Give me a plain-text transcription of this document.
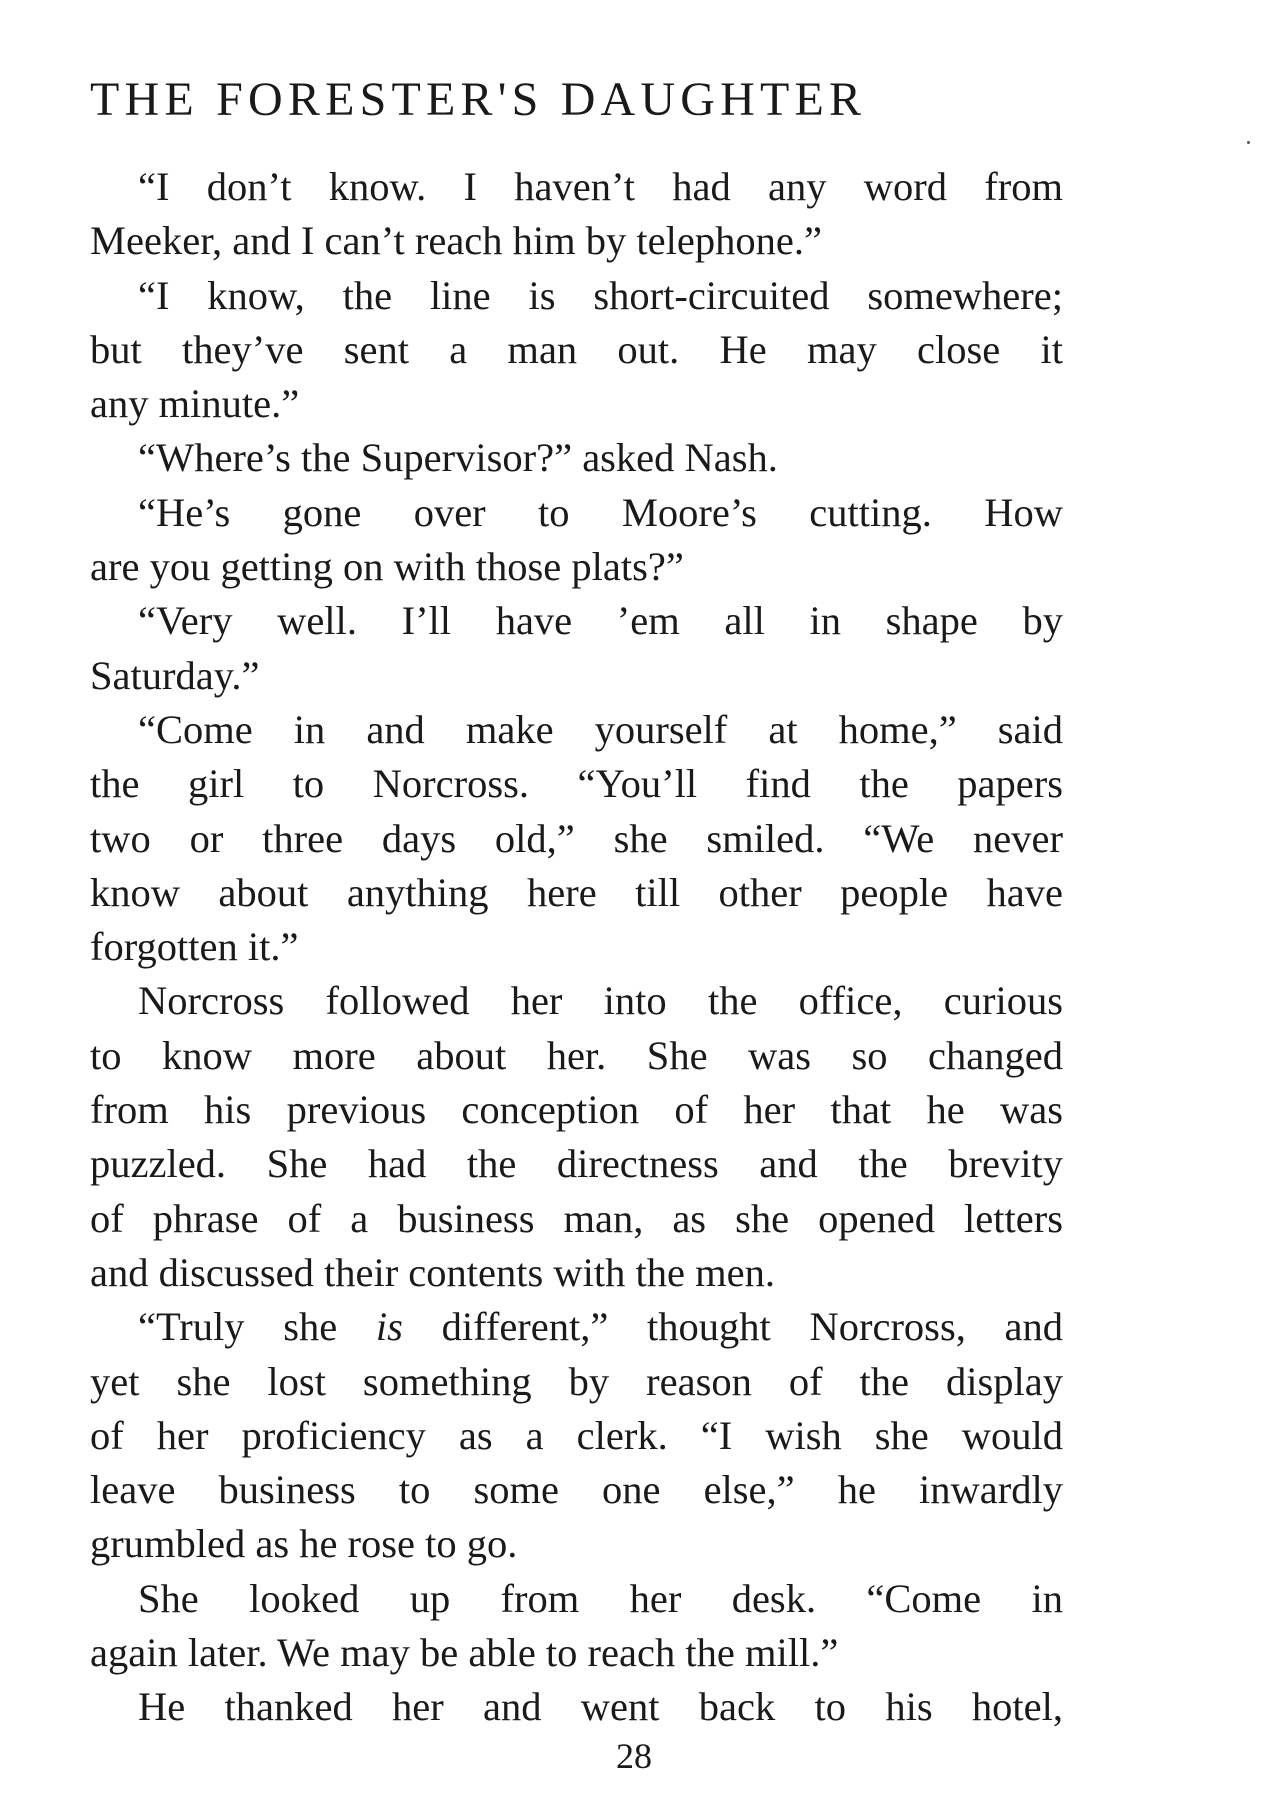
THE FORESTER'S DAUGHTER
“I don’t know. I haven’t had any word from
Meeker, and I can’t reach him by telephone.”
“I know, the line is short-circuited somewhere;
but they’ve sent a man out. He may close it
any minute.”
“Where’s the Supervisor?” asked Nash.
“He’s gone over to Moore’s cutting. How
are you getting on with those plats?”
“Very well. I’ll have ’em all in shape by
Saturday.”
“Come in and make yourself at home,” said
the girl to Norcross. “You’ll find the papers
two or three days old,” she smiled. “We never
know about anything here till other people have
forgotten it.”
Norcross followed her into the office, curious
to know more about her. She was so changed
from his previous conception of her that he was
puzzled. She had the directness and the brevity
of phrase of a business man, as she opened letters
and discussed their contents with the men.
“Truly she is different,” thought Norcross, and
yet she lost something by reason of the display
of her proficiency as a clerk. “I wish she would
leave business to some one else,” he inwardly
grumbled as he rose to go.
She looked up from her desk. “Come in
again later. We may be able to reach the mill.”
He thanked her and went back to his hotel,
28
